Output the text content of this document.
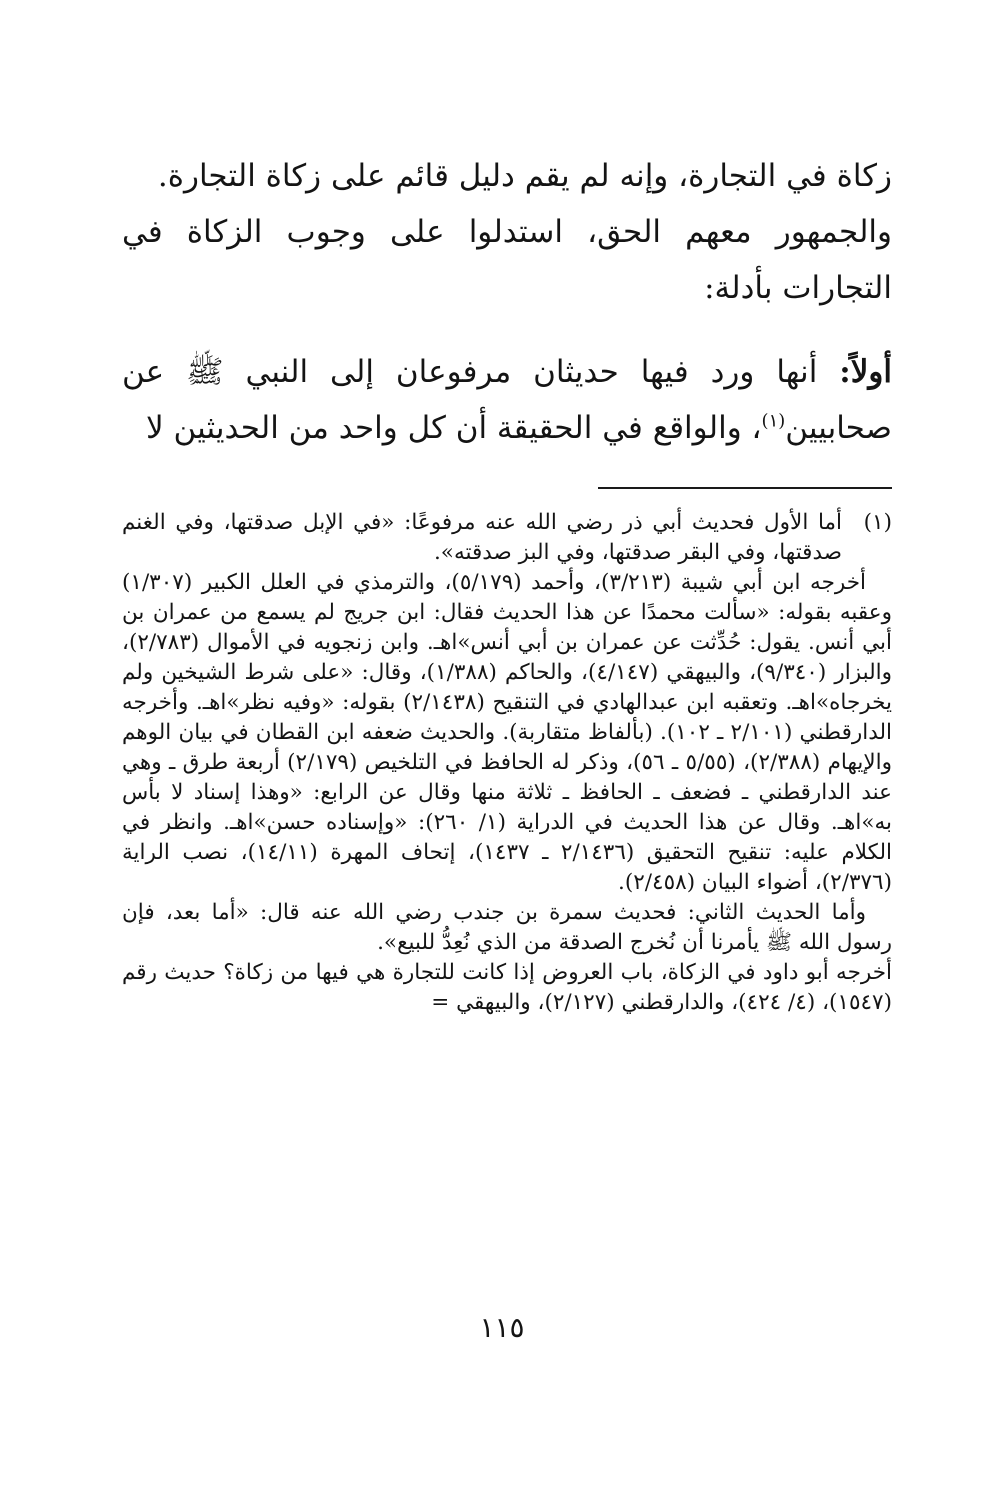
زكاة في التجارة، وإنه لم يقم دليل قائم على زكاة التجارة.

والجمهور معهم الحق، استدلوا على وجوب الزكاة في التجارات بأدلة:

أولاً: أنها ورد فيها حديثان مرفوعان إلى النبي ﷺ عن صحابيين$^{(١)}$، والواقع في الحقيقة أن كل واحد من الحديثين لا

(١)

أما الأول فحديث أبي ذر رضي الله عنه مرفوعًا: «في الإبل صدقتها، وفي الغنم صدقتها، وفي البقر صدقتها، وفي البز صدقته».

أخرجه ابن أبي شيبة (٣/٢١٣)، وأحمد (٥/١٧٩)، والترمذي في العلل الكبير (١/٣٠٧) وعقبه بقوله: «سألت محمدًا عن هذا الحديث فقال: ابن جريج لم يسمع من عمران بن أبي أنس. يقول: حُدِّثت عن عمران بن أبي أنس»اهـ. وابن زنجويه في الأموال (٢/٧٨٣)، والبزار (٩/٣٤٠)، والبيهقي (٤/١٤٧)، والحاكم (١/٣٨٨)، وقال: «على شرط الشيخين ولم يخرجاه»اهـ. وتعقبه ابن عبدالهادي في التنقيح (٢/١٤٣٨) بقوله: «وفيه نظر»اهـ. وأخرجه الدارقطني (٢/١٠١ ـ ١٠٢). (بألفاظ متقاربة). والحديث ضعفه ابن القطان في بيان الوهم والإيهام (٢/٣٨٨)، (٥/٥٥ ـ ٥٦)، وذكر له الحافظ في التلخيص (٢/١٧٩) أربعة طرق ـ وهي عند الدارقطني ـ فضعف ـ الحافظ ـ ثلاثة منها وقال عن الرابع: «وهذا إسناد لا بأس به»اهـ. وقال عن هذا الحديث في الدراية (١/ ٢٦٠): «وإسناده حسن»اهـ. وانظر في الكلام عليه: تنقيح التحقيق (٢/١٤٣٦ ـ ١٤٣٧)، إتحاف المهرة (١٤/١١)، نصب الراية (٢/٣٧٦)، أضواء البيان (٢/٤٥٨).

وأما الحديث الثاني: فحديث سمرة بن جندب رضي الله عنه قال: «أما بعد، فإن رسول الله ﷺ يأمرنا أن نُخرج الصدقة من الذي نُعِدُّ للبيع».

أخرجه أبو داود في الزكاة، باب العروض إذا كانت للتجارة هي فيها من زكاة؟ حديث رقم (١٥٤٧)، (٤/ ٤٢٤)، والدارقطني (٢/١٢٧)، والبيهقي =

١١٥
